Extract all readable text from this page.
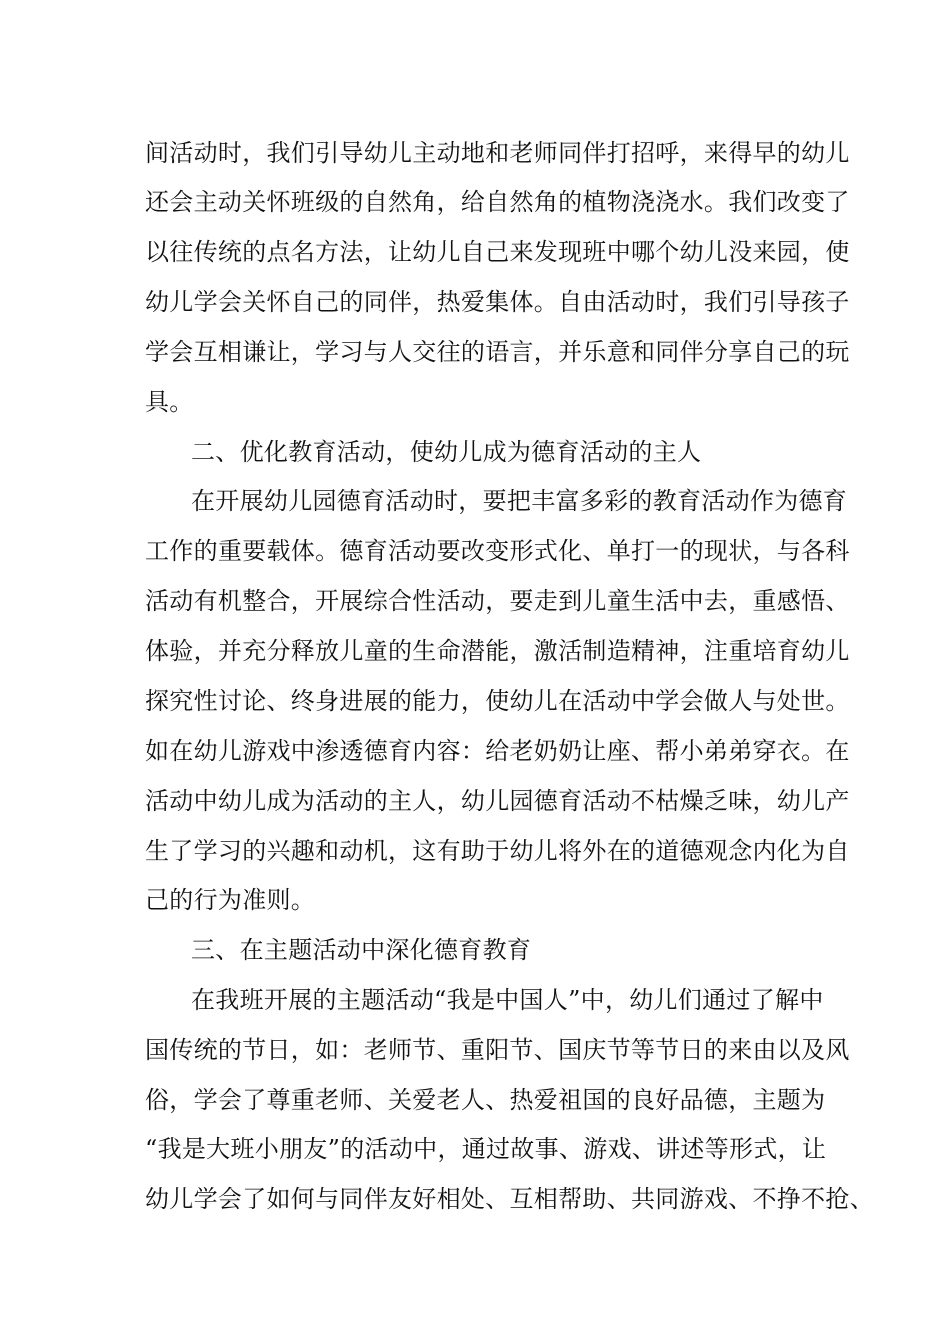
间活动时，我们引导幼儿主动地和老师同伴打招呼，来得早的幼儿
还会主动关怀班级的自然角，给自然角的植物浇浇水。我们改变了
以往传统的点名方法，让幼儿自己来发现班中哪个幼儿没来园，使
幼儿学会关怀自己的同伴，热爱集体。自由活动时，我们引导孩子
学会互相谦让，学习与人交往的语言，并乐意和同伴分享自己的玩
具。
二、优化教育活动，使幼儿成为德育活动的主人
在开展幼儿园德育活动时，要把丰富多彩的教育活动作为德育
工作的重要载体。德育活动要改变形式化、单打一的现状，与各科
活动有机整合，开展综合性活动，要走到儿童生活中去，重感悟、
体验，并充分释放儿童的生命潜能，激活制造精神，注重培育幼儿
探究性讨论、终身进展的能力，使幼儿在活动中学会做人与处世。
如在幼儿游戏中渗透德育内容：给老奶奶让座、帮小弟弟穿衣。在
活动中幼儿成为活动的主人，幼儿园德育活动不枯燥乏味，幼儿产
生了学习的兴趣和动机，这有助于幼儿将外在的道德观念内化为自
己的行为准则。
三、在主题活动中深化德育教育
在我班开展的主题活动“我是中国人”中，幼儿们通过了解中
国传统的节日，如：老师节、重阳节、国庆节等节日的来由以及风
俗，学会了尊重老师、关爱老人、热爱祖国的良好品德，主题为
“我是大班小朋友”的活动中，通过故事、游戏、讲述等形式，让
幼儿学会了如何与同伴友好相处、互相帮助、共同游戏、不挣不抢、
